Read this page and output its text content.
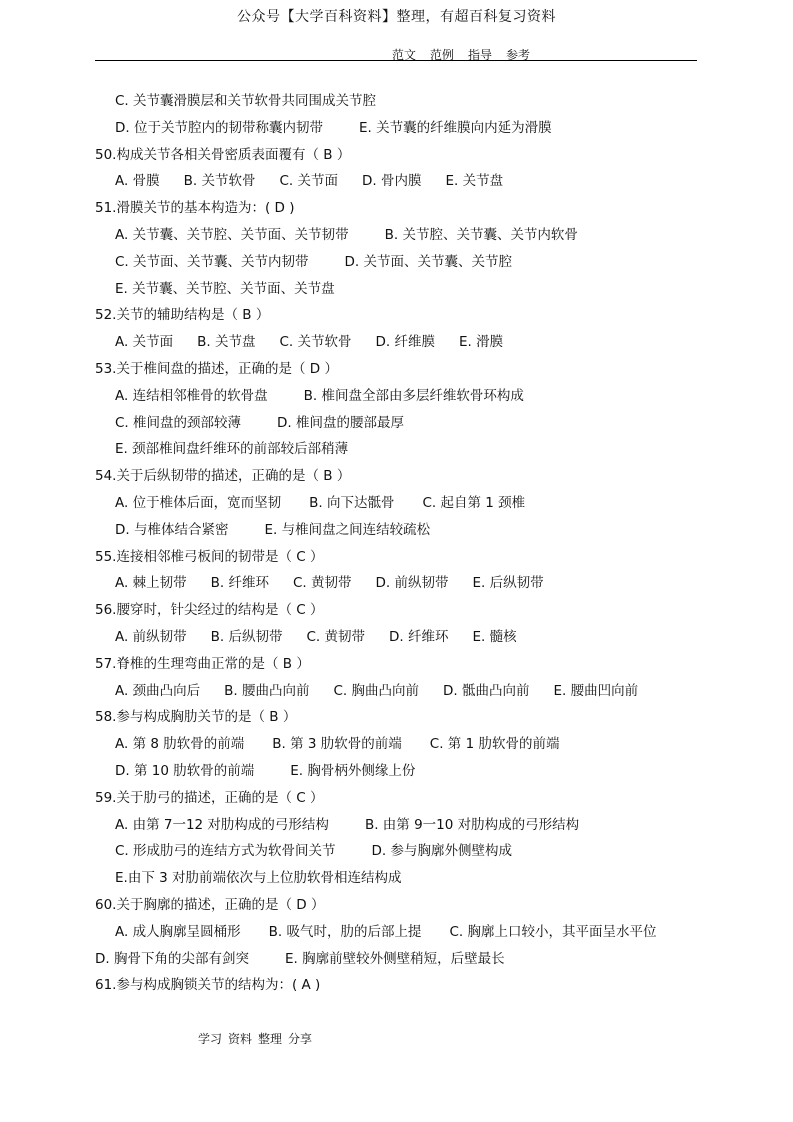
公众号【大学百科资料】整理，有超百科复习资料
范文 范例 指导 参考
C. 关节囊滑膜层和关节软骨共同围成关节腔
D. 位于关节腔内的韧带称囊内韧带	E. 关节囊的纤维膜向内延为滑膜
50.构成关节各相关骨密质表面覆有（ B ）
A. 骨膜 B. 关节软骨 C. 关节面 D. 骨内膜 E. 关节盘
51.滑膜关节的基本构造为：( D )
A. 关节囊、关节腔、关节面、关节韧带	B. 关节腔、关节囊、关节内软骨
C. 关节面、关节囊、关节内韧带	D. 关节面、关节囊、关节腔
E. 关节囊、关节腔、关节面、关节盘
52.关节的辅助结构是（ B ）
A. 关节面 B. 关节盘 C. 关节软骨 D. 纤维膜 E. 滑膜
53.关于椎间盘的描述，正确的是（ D ）
A. 连结相邻椎骨的软骨盘	B. 椎间盘全部由多层纤维软骨环构成
C. 椎间盘的颈部较薄	D. 椎间盘的腰部最厚
E. 颈部椎间盘纤维环的前部较后部稍薄
54.关于后纵韧带的描述，正确的是（ B ）
A. 位于椎体后面，宽而坚韧 B. 向下达骶骨 C. 起自第 1 颈椎
D. 与椎体结合紧密	E. 与椎间盘之间连结较疏松
55.连接相邻椎弓板间的韧带是（ C ）
A. 棘上韧带 B. 纤维环 C. 黄韧带 D. 前纵韧带 E. 后纵韧带
56.腰穿时，针尖经过的结构是（ C ）
A. 前纵韧带 B. 后纵韧带 C. 黄韧带 D. 纤维环 E. 髓核
57.脊椎的生理弯曲正常的是（ B ）
A. 颈曲凸向后 B. 腰曲凸向前 C. 胸曲凸向前 D. 骶曲凸向前 E. 腰曲凹向前
58.参与构成胸肋关节的是（ B ）
A. 第 8 肋软骨的前端 B. 第 3 肋软骨的前端 C. 第 1 肋软骨的前端
D. 第 10 肋软骨的前端	E. 胸骨柄外侧缘上份
59.关于肋弓的描述，正确的是（ C ）
A. 由第 7一12 对肋构成的弓形结构	B. 由第 9一10 对肋构成的弓形结构
C. 形成肋弓的连结方式为软骨间关节	D. 参与胸廓外侧壁构成
E.由下 3 对肋前端依次与上位肋软骨相连结构成
60.关于胸廓的描述，正确的是（ D ）
A. 成人胸廓呈圆桶形 B. 吸气时，肋的后部上提 C. 胸廓上口较小，其平面呈水平位
D. 胸骨下角的尖部有剑突	E. 胸廓前壁较外侧壁稍短，后壁最长
61.参与构成胸锁关节的结构为：( A )
学习 资料 整理 分享
